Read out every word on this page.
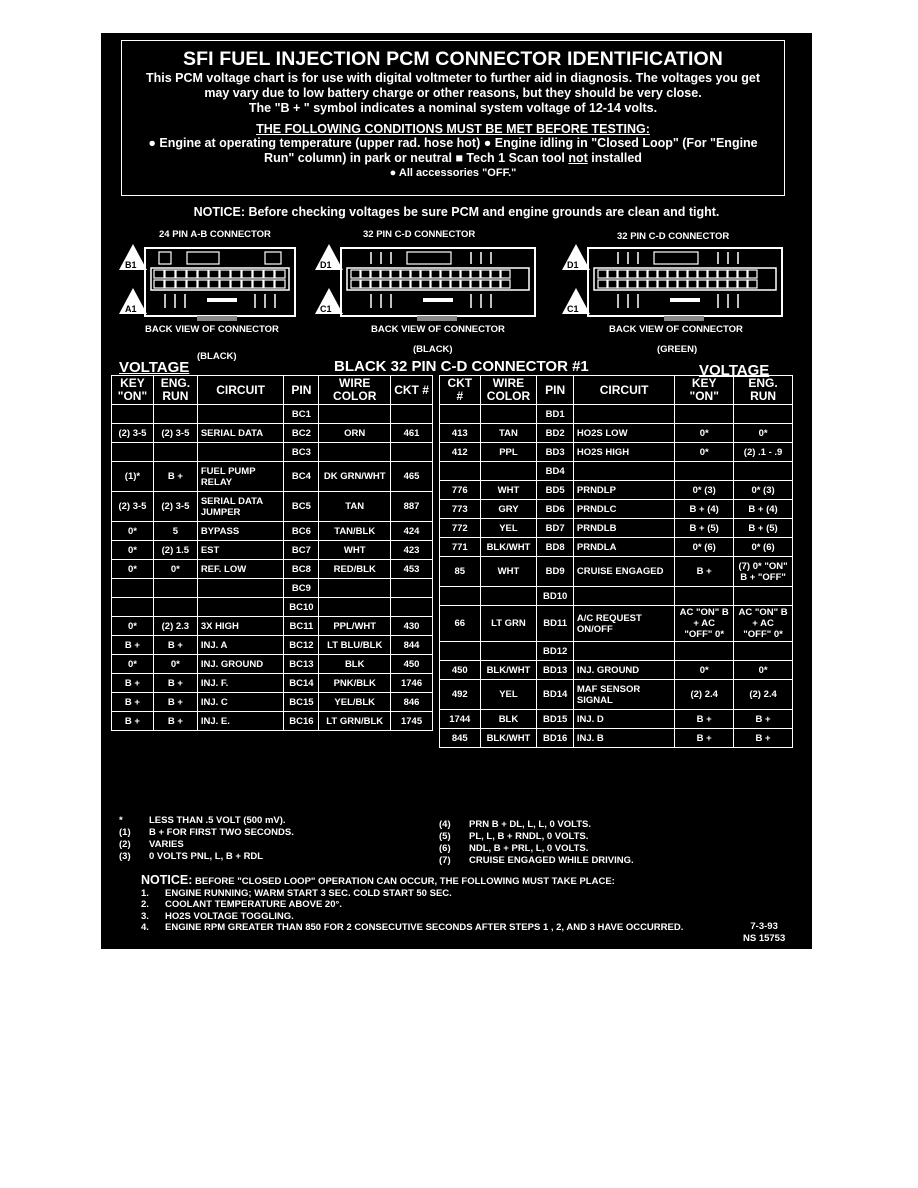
SFI FUEL INJECTION PCM CONNECTOR IDENTIFICATION
This PCM voltage chart is for use with digital voltmeter to further aid in diagnosis. The voltages you get
may vary due to low battery charge or other reasons, but they should be very close.
The "B + " symbol indicates a nominal system voltage of 12-14 volts.
THE FOLLOWING CONDITIONS MUST BE MET BEFORE TESTING:
● Engine at operating temperature (upper rad. hose hot) ● Engine idling in "Closed Loop" (For "Engine
Run" column) in park or neutral ■ Tech 1 Scan tool not installed
● All accessories "OFF."
NOTICE: Before checking voltages be sure PCM and engine grounds are clean and tight.
24 PIN A-B CONNECTOR
B1
A1
BACK VIEW OF CONNECTOR
(BLACK)
32 PIN C-D CONNECTOR
D1
C1
BACK VIEW OF CONNECTOR
(BLACK)
32 PIN C-D CONNECTOR
D1
C1
BACK VIEW OF CONNECTOR
(GREEN)
VOLTAGE	BLACK 32 PIN C-D CONNECTOR #1	VOLTAGE
KEY "ON"	ENG. RUN	CIRCUIT	PIN	WIRE COLOR	CKT #
			BC1		
(2) 3-5	(2) 3-5	SERIAL DATA	BC2	ORN	461
			BC3		
(1)*	B +	FUEL PUMP RELAY	BC4	DK GRN/WHT	465
(2) 3-5	(2) 3-5	SERIAL DATA JUMPER	BC5	TAN	887
0*	5	BYPASS	BC6	TAN/BLK	424
0*	(2) 1.5	EST	BC7	WHT	423
0*	0*	REF. LOW	BC8	RED/BLK	453
			BC9		
			BC10		
0*	(2) 2.3	3X HIGH	BC11	PPL/WHT	430
B +	B +	INJ. A	BC12	LT BLU/BLK	844
0*	0*	INJ. GROUND	BC13	BLK	450
B +	B +	INJ. F.	BC14	PNK/BLK	1746
B +	B +	INJ. C	BC15	YEL/BLK	846
B +	B +	INJ. E.	BC16	LT GRN/BLK	1745
CKT #	WIRE COLOR	PIN	CIRCUIT	KEY "ON"	ENG. RUN
		BD1			
413	TAN	BD2	HO2S LOW	0*	0*
412	PPL	BD3	HO2S HIGH	0*	(2) .1 - .9
		BD4			
776	WHT	BD5	PRNDLP	0* (3)	0* (3)
773	GRY	BD6	PRNDLC	B + (4)	B + (4)
772	YEL	BD7	PRNDLB	B + (5)	B + (5)
771	BLK/WHT	BD8	PRNDLA	0* (6)	0* (6)
85	WHT	BD9	CRUISE ENGAGED	B +	(7) 0* "ON" B + "OFF"
		BD10			
66	LT GRN	BD11	A/C REQUEST ON/OFF	AC "ON" B + AC "OFF" 0*	AC "ON" B + AC "OFF" 0*
		BD12			
450	BLK/WHT	BD13	INJ. GROUND	0*	0*
492	YEL	BD14	MAF SENSOR SIGNAL	(2) 2.4	(2) 2.4
1744	BLK	BD15	INJ. D	B +	B +
845	BLK/WHT	BD16	INJ. B	B +	B +
*	LESS THAN .5 VOLT (500 mV).
(1)	B + FOR FIRST TWO SECONDS.
(2)	VARIES
(3)	0 VOLTS PNL, L, B + RDL
(4)	PRN B + DL, L, L, 0 VOLTS.
(5)	PL, L, B + RNDL, 0 VOLTS.
(6)	NDL, B + PRL, L, 0 VOLTS.
(7)	CRUISE ENGAGED WHILE DRIVING.
NOTICE: BEFORE "CLOSED LOOP" OPERATION CAN OCCUR, THE FOLLOWING MUST TAKE PLACE:
1.	ENGINE RUNNING; WARM START 3 SEC. COLD START 50 SEC.
2.	COOLANT TEMPERATURE ABOVE 20°.
3.	HO2S VOLTAGE TOGGLING.
4.	ENGINE RPM GREATER THAN 850 FOR 2 CONSECUTIVE SECONDS AFTER STEPS 1 , 2, AND 3 HAVE OCCURRED.	7-3-93
NS 15753
